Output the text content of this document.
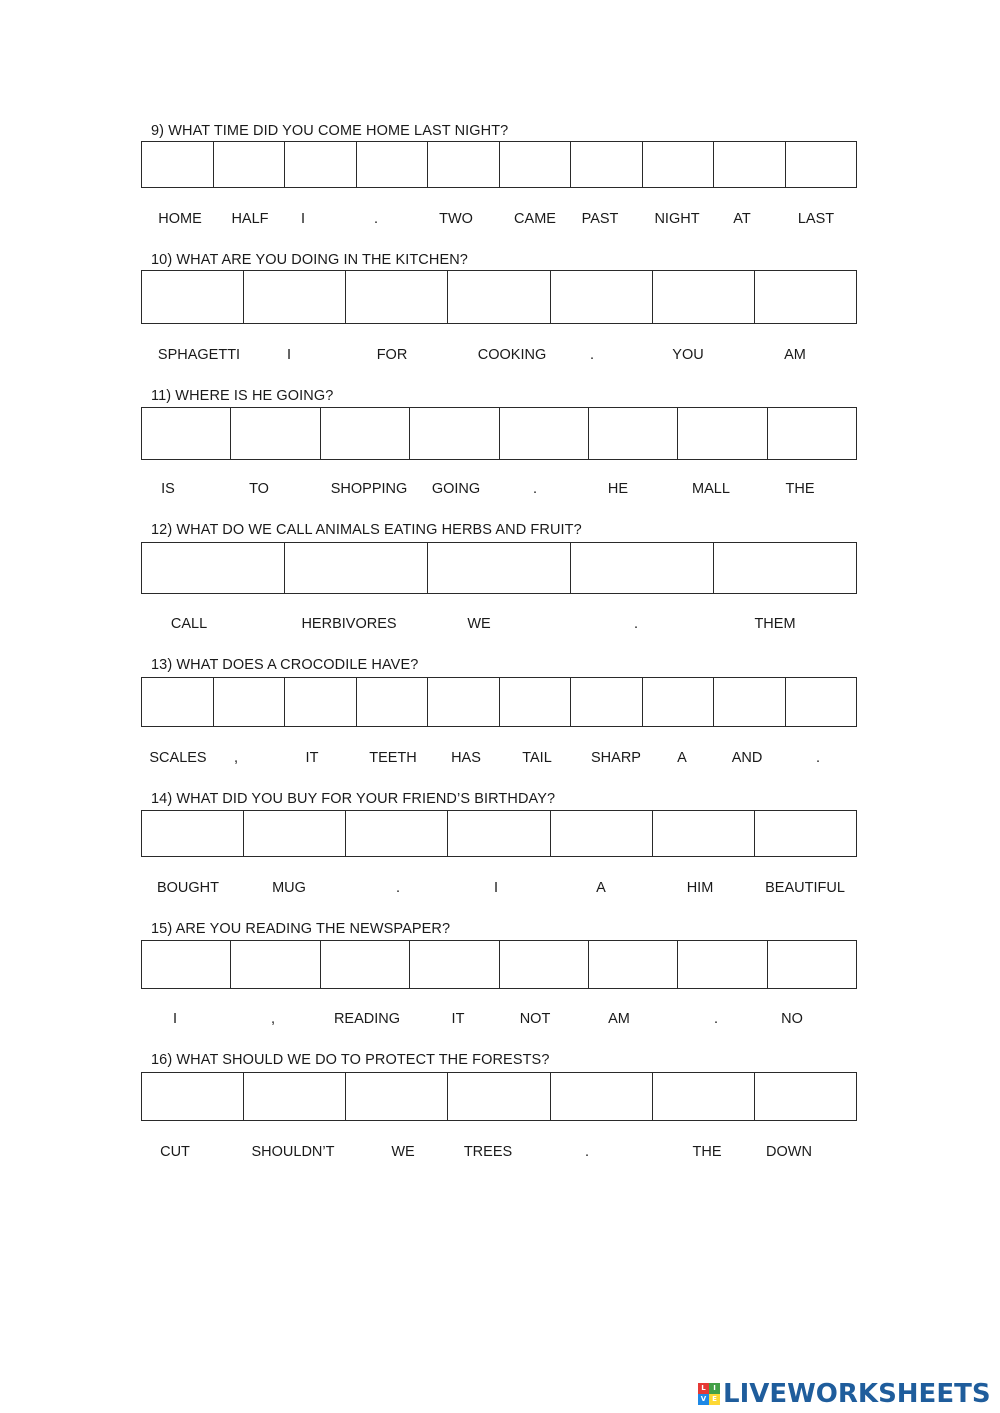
9) WHAT TIME DID YOU COME HOME LAST NIGHT?
HOME HALF I	.	TWO	CAME PAST NIGHT AT	LAST
10) WHAT ARE YOU DOING IN THE KITCHEN?
SPHAGETTI	I	FOR	COOKING	.	YOU	AM
11) WHERE IS HE GOING?
IS	TO	SHOPPING GOING	.	HE	MALL	THE
12) WHAT DO WE CALL ANIMALS EATING HERBS AND FRUIT?
CALL	HERBIVORES	WE	.	THEM
13) WHAT DOES A CROCODILE HAVE?
SCALES ,	IT	TEETH HAS	TAIL	SHARP A	AND	.
14) WHAT DID YOU BUY FOR YOUR FRIEND’S BIRTHDAY?
BOUGHT	MUG	.	I	A	HIM	BEAUTIFUL
15) ARE YOU READING THE NEWSPAPER?
I	,	READING	IT	NOT	AM	.	NO
16) WHAT SHOULD WE DO TO PROTECT THE FORESTS?
CUT	SHOULDN’T	WE	TREES	.	THE	DOWN
L	I
V E LIVEWORKSHEETS
